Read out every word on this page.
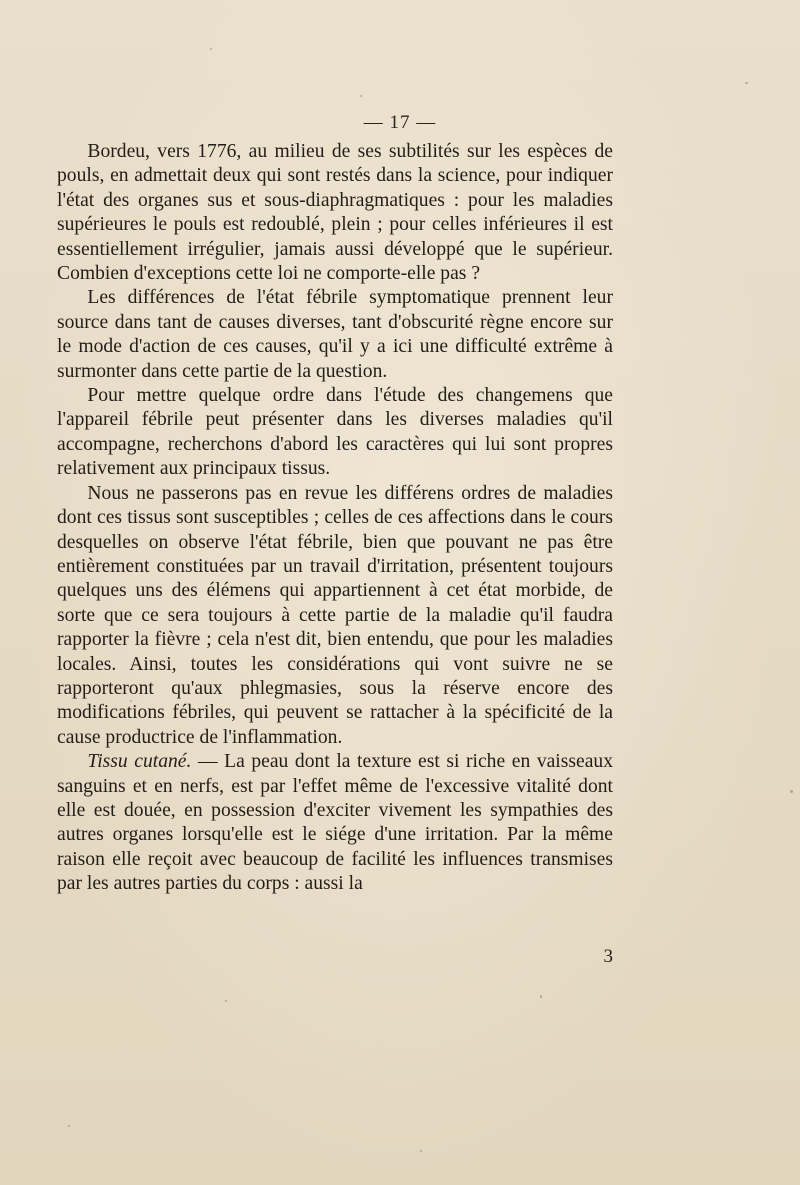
— 17 —

Bordeu, vers 1776, au milieu de ses subtilités sur les espèces de pouls, en admettait deux qui sont restés dans la science, pour indiquer l'état des organes sus et sous-diaphragmatiques : pour les maladies supérieures le pouls est redoublé, plein ; pour celles inférieures il est essentiellement irrégulier, jamais aussi développé que le supérieur. Combien d'exceptions cette loi ne comporte-elle pas ?

Les différences de l'état fébrile symptomatique prennent leur source dans tant de causes diverses, tant d'obscurité règne encore sur le mode d'action de ces causes, qu'il y a ici une difficulté extrême à surmonter dans cette partie de la question.

Pour mettre quelque ordre dans l'étude des changemens que l'appareil fébrile peut présenter dans les diverses maladies qu'il accompagne, recherchons d'abord les caractères qui lui sont propres relativement aux principaux tissus.

Nous ne passerons pas en revue les différens ordres de maladies dont ces tissus sont susceptibles ; celles de ces affections dans le cours desquelles on observe l'état fébrile, bien que pouvant ne pas être entièrement constituées par un travail d'irritation, présentent toujours quelques uns des élémens qui appartiennent à cet état morbide, de sorte que ce sera toujours à cette partie de la maladie qu'il faudra rapporter la fièvre ; cela n'est dit, bien entendu, que pour les maladies locales. Ainsi, toutes les considérations qui vont suivre ne se rapporteront qu'aux phlegmasies, sous la réserve encore des modifications fébriles, qui peuvent se rattacher à la spécificité de la cause productrice de l'inflammation.

Tissu cutané. — La peau dont la texture est si riche en vaisseaux sanguins et en nerfs, est par l'effet même de l'excessive vitalité dont elle est douée, en possession d'exciter vivement les sympathies des autres organes lorsqu'elle est le siége d'une irritation. Par la même raison elle reçoit avec beaucoup de facilité les influences transmises par les autres parties du corps : aussi la

3
